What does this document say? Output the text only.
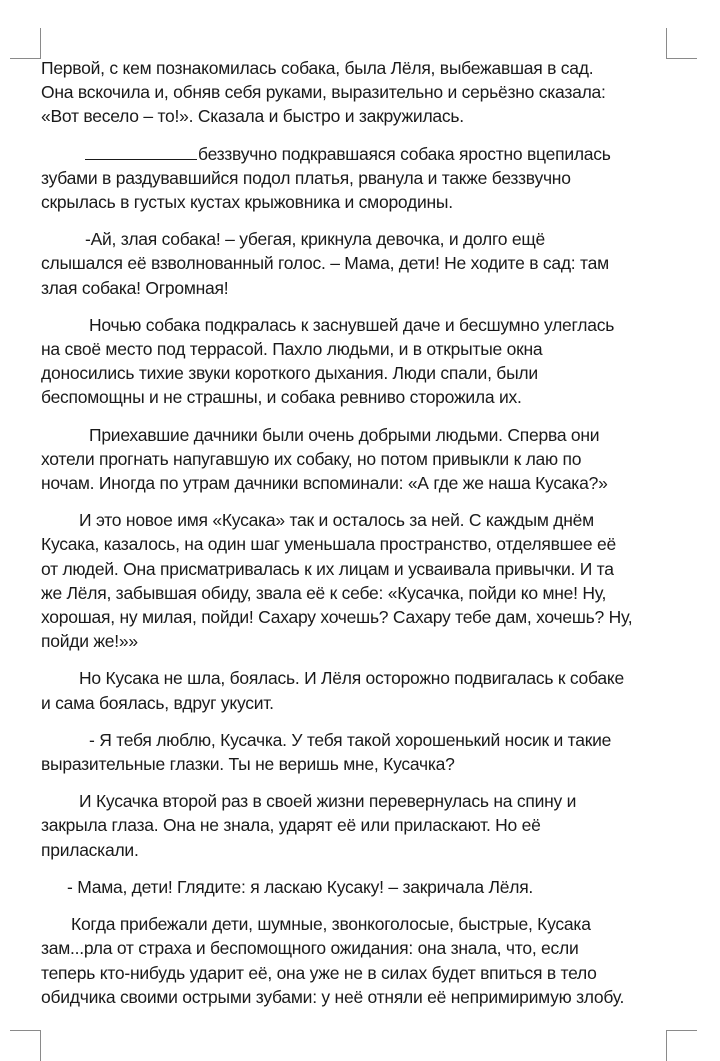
Первой, с кем познакомилась собака, была Лёля, выбежавшая в сад.
Она вскочила и, обняв себя руками, выразительно и серьёзно сказала:
«Вот весело – то!». Сказала и быстро и закружилась.

беззвучно подкравшаяся собака яростно вцепилась
зубами в раздувавшийся подол платья, рванула и также беззвучно
скрылась в густых кустах крыжовника и смородины.

-Ай, злая собака! – убегая, крикнула девочка, и долго ещё
слышался её взволнованный голос. – Мама, дети! Не ходите в сад: там
злая собака! Огромная!

Ночью собака подкралась к заснувшей даче и бесшумно улеглась
на своё место под террасой. Пахло людьми, и в открытые окна
доносились тихие звуки короткого дыхания. Люди спали, были
беспомощны и не страшны, и собака ревниво сторожила их.

Приехавшие дачники были очень добрыми людьми. Сперва они
хотели прогнать напугавшую их собаку, но потом привыкли к лаю по
ночам. Иногда по утрам дачники вспоминали: «А где же наша Кусака?»

И это новое имя «Кусака» так и осталось за ней. С каждым днём
Кусака, казалось, на один шаг уменьшала пространство, отделявшее её
от людей. Она присматривалась к их лицам и усваивала привычки. И та
же Лёля, забывшая обиду, звала её к себе: «Кусачка, пойди ко мне! Ну,
хорошая, ну милая, пойди! Сахару хочешь? Сахару тебе дам, хочешь? Ну,
пойди же!»»

Но Кусака не шла, боялась. И Лёля осторожно подвигалась к собаке
и сама боялась, вдруг укусит.

- Я тебя люблю, Кусачка. У тебя такой хорошенький носик и такие
выразительные глазки. Ты не веришь мне, Кусачка?

И Кусачка второй раз в своей жизни перевернулась на спину и
закрыла глаза. Она не знала, ударят её или приласкают. Но её
приласкали.

- Мама, дети! Глядите: я ласкаю Кусаку! – закричала Лёля.

Когда прибежали дети, шумные, звонкоголосые, быстрые, Кусака
зам...рла от страха и беспомощного ожидания: она знала, что, если
теперь кто-нибудь ударит её, она уже не в силах будет впиться в тело
обидчика своими острыми зубами: у неё отняли её непримиримую злобу.
